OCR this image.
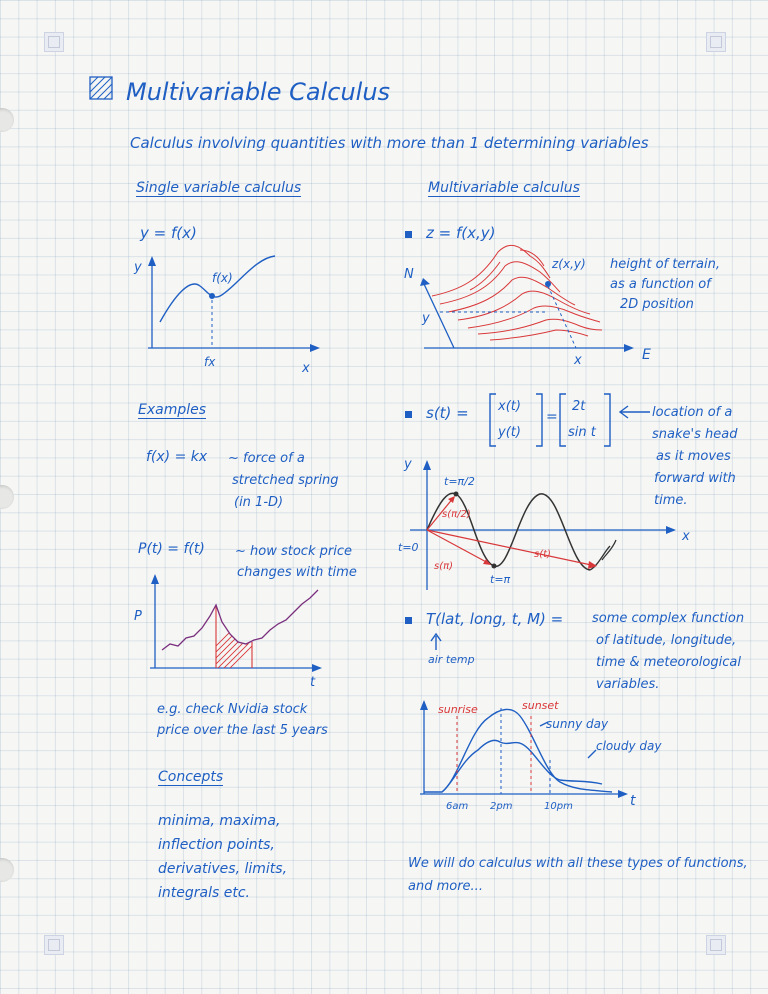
Multivariable Calculus
Calculus involving quantities with more than 1 determining variables
Single variable calculus
y = f(x)
y
f(x)
fx	x
Examples
f(x) = kx ~ force of a
stretched spring
(in 1-D)
P(t) = f(t) ~ how stock price
changes with time
P
t
e.g. check Nvidia stock
price over the last 5 years
Concepts
minima, maxima,
inflection points,
derivatives, limits,
integrals etc.
Multivariable calculus
z = f(x,y)
N
y
x	E
z(x,y) height of terrain,
as a function of
2D position
s(t) = x(t)
y(t)
=
2t
sin t
location of a
snake's head
as it moves
forward with
time.
y
x
t=π/2
s(π/2)
t=0
s(π)
t=π
s(t)
T(lat, long, t, M) =
air temp
some complex function
of latitude, longitude,
time & meteorological
variables.
sunrise	sunset
sunny day
cloudy day
6am 2pm	10pm	t
We will do calculus with all these types of functions,
and more...
